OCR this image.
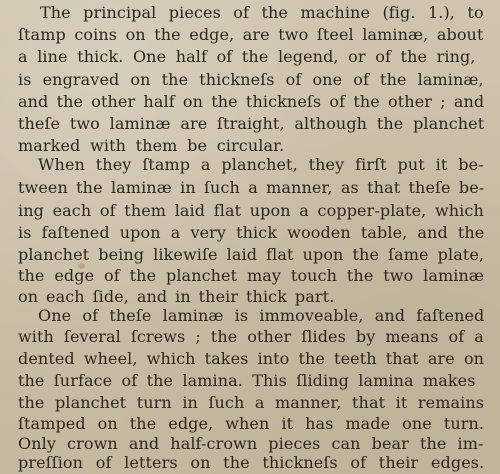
The principal pieces of the machine (fig. 1.), to
ſtamp coins on the edge, are two ſteel laminæ, about
a line thick. One half of the legend, or of the ring,
is engraved on the thickneſs of one of the laminæ,
and the other half on the thickneſs of the other ; and
theſe two laminæ are ſtraight, although the planchet
marked with them be circular.
When they ſtamp a planchet, they firſt put it be-
tween the laminæ in ſuch a manner, as that theſe be-
ing each of them laid flat upon a copper-plate, which
is faſtened upon a very thick wooden table, and the
planchet being likewiſe laid flat upon the ſame plate,
the edge of the planchet may touch the two laminæ
on each ſide, and in their thick part.
One of theſe laminæ is immoveable, and faſtened
with ſeveral ſcrews ; the other ſlides by means of a
dented wheel, which takes into the teeth that are on
the ſurface of the lamina. This ſliding lamina makes
the planchet turn in ſuch a manner, that it remains
ſtamped on the edge, when it has made one turn.
Only crown and half-crown pieces can bear the im-
preſſion of letters on the thickneſs of their edges.
